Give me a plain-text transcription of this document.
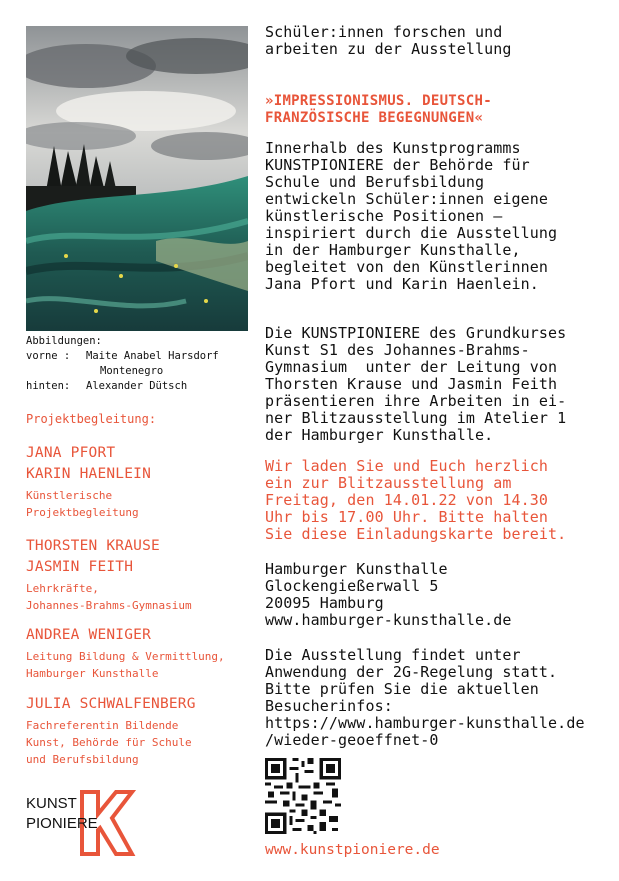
Abbildungen:
vorne : Maite Anabel Harsdorf
Montenegro
hinten:	Alexander Dütsch
Projektbegleitung:
JANA PFORT
KARIN HAENLEIN
Künstlerische
Projektbegleitung
THORSTEN KRAUSE
JASMIN FEITH
Lehrkräfte,
Johannes-Brahms-Gymnasium
ANDREA WENIGER
Leitung Bildung & Vermittlung,
Hamburger Kunsthalle
JULIA SCHWALFENBERG
Fachreferentin Bildende
Kunst, Behörde für Schule
und Berufsbildung
KUNST
PIONIERE

Schüler:innen forschen und

arbeiten zu der Ausstellung

»IMPRESSIONISMUS. DEUTSCH-

FRANZÖSISCHE BEGEGNUNGEN«

Innerhalb des Kunstprogramms

KUNSTPIONIERE der Behörde für

Schule und Berufsbildung

entwickeln Schüler:innen eigene

künstlerische Positionen –

inspiriert durch die Ausstellung

in der Hamburger Kunsthalle,

begleitet von den Künstlerinnen

Jana Pfort und Karin Haenlein.

Die KUNSTPIONIERE des Grundkurses

Kunst S1 des Johannes-Brahms-

Gymnasium  unter der Leitung von

Thorsten Krause und Jasmin Feith

präsentieren ihre Arbeiten in ei-

ner Blitzausstellung im Atelier 1

der Hamburger Kunsthalle.

Wir laden Sie und Euch herzlich

ein zur Blitzausstellung am

Freitag, den 14.01.22 von 14.30

Uhr bis 17.00 Uhr. Bitte halten

Sie diese Einladungskarte bereit.

Hamburger Kunsthalle

Glockengießerwall 5

20095 Hamburg

www.hamburger-kunsthalle.de

Die Ausstellung findet unter

Anwendung der 2G-Regelung statt.

Bitte prüfen Sie die aktuellen

Besucherinfos:

https://www.hamburger-kunsthalle.de

/wieder-geoeffnet-0

www.kunstpioniere.de
